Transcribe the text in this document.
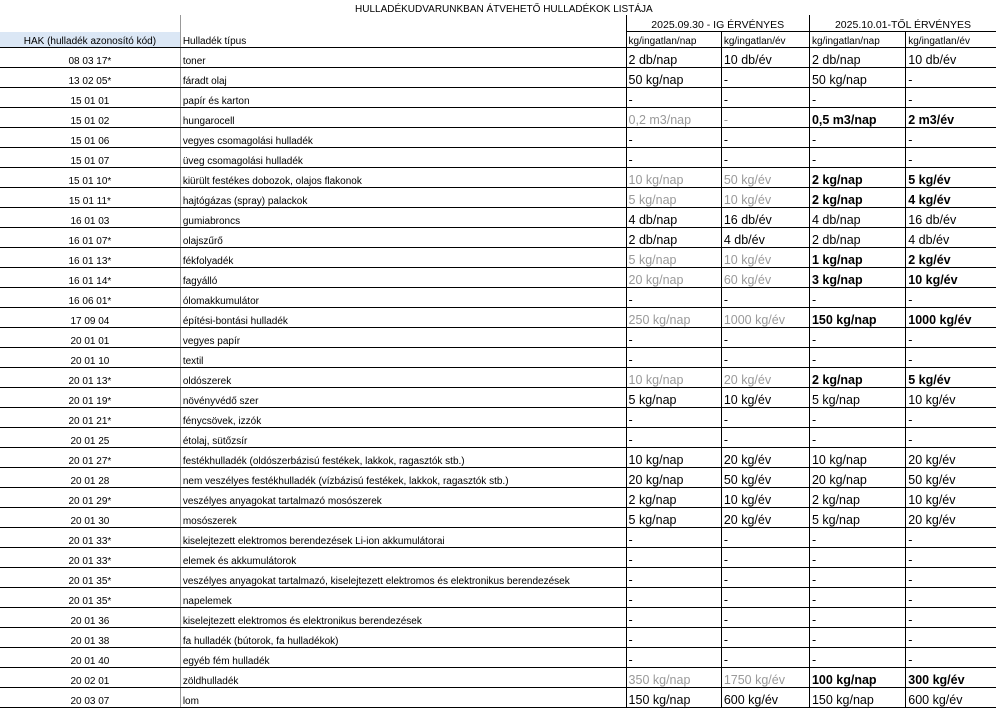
HULLADÉKUDVARUNKBAN ÁTVEHETŐ HULLADÉKOK LISTÁJA					
		2025.09.30 - IG ÉRVÉNYES		2025.10.01-TŐL ÉRVÉNYES	
HAK (hulladék azonosító kód)	Hulladék típus	kg/ingatlan/nap	kg/ingatlan/év	kg/ingatlan/nap	kg/ingatlan/év
08 03 17*	toner	2 db/nap	10 db/év	2 db/nap	10 db/év
13 02 05*	fáradt olaj	50 kg/nap	-	50 kg/nap	-
15 01 01	papír és karton	-	-	-	-
15 01 02	hungarocell	0,2 m3/nap	-	0,5 m3/nap	2 m3/év
15 01 06	vegyes csomagolási hulladék	-	-	-	-
15 01 07	üveg csomagolási hulladék	-	-	-	-
15 01 10*	kiürült festékes dobozok, olajos flakonok	10 kg/nap	50 kg/év	2 kg/nap	5 kg/év
15 01 11*	hajtógázas (spray) palackok	5 kg/nap	10 kg/év	2 kg/nap	4 kg/év
16 01 03	gumiabroncs	4 db/nap	16 db/év	4 db/nap	16 db/év
16 01 07*	olajszűrő	2 db/nap	4 db/év	2 db/nap	4 db/év
16 01 13*	fékfolyadék	5 kg/nap	10 kg/év	1 kg/nap	2 kg/év
16 01 14*	fagyálló	20 kg/nap	60 kg/év	3 kg/nap	10 kg/év
16 06 01*	ólomakkumulátor	-	-	-	-
17 09 04	építési-bontási hulladék	250 kg/nap	1000 kg/év	150 kg/nap	1000 kg/év
20 01 01	vegyes papír	-	-	-	-
20 01 10	textil	-	-	-	-
20 01 13*	oldószerek	10 kg/nap	20 kg/év	2 kg/nap	5 kg/év
20 01 19*	növényvédő szer	5 kg/nap	10 kg/év	5 kg/nap	10 kg/év
20 01 21*	fénycsövek, izzók	-	-	-	-
20 01 25	étolaj, sütőzsír	-	-	-	-
20 01 27*	festékhulladék (oldószerbázisú festékek, lakkok, ragasztók stb.)	10 kg/nap	20 kg/év	10 kg/nap	20 kg/év
20 01 28	nem veszélyes festékhulladék (vízbázisú festékek, lakkok, ragasztók stb.)	20 kg/nap	50 kg/év	20 kg/nap	50 kg/év
20 01 29*	veszélyes anyagokat tartalmazó mosószerek	2 kg/nap	10 kg/év	2 kg/nap	10 kg/év
20 01 30	mosószerek	5 kg/nap	20 kg/év	5 kg/nap	20 kg/év
20 01 33*	kiselejtezett elektromos berendezések Li-ion akkumulátorai	-	-	-	-
20 01 33*	elemek és akkumulátorok	-	-	-	-
20 01 35*	veszélyes anyagokat tartalmazó, kiselejtezett elektromos és elektronikus berendezések	-	-	-	-
20 01 35*	napelemek	-	-	-	-
20 01 36	kiselejtezett elektromos és elektronikus berendezések	-	-	-	-
20 01 38	fa hulladék (bútorok, fa hulladékok)	-	-	-	-
20 01 40	egyéb fém hulladék	-	-	-	-
20 02 01	zöldhulladék	350 kg/nap	1750 kg/év	100 kg/nap	300 kg/év
20 03 07	lom	150 kg/nap	600 kg/év	150 kg/nap	600 kg/év
